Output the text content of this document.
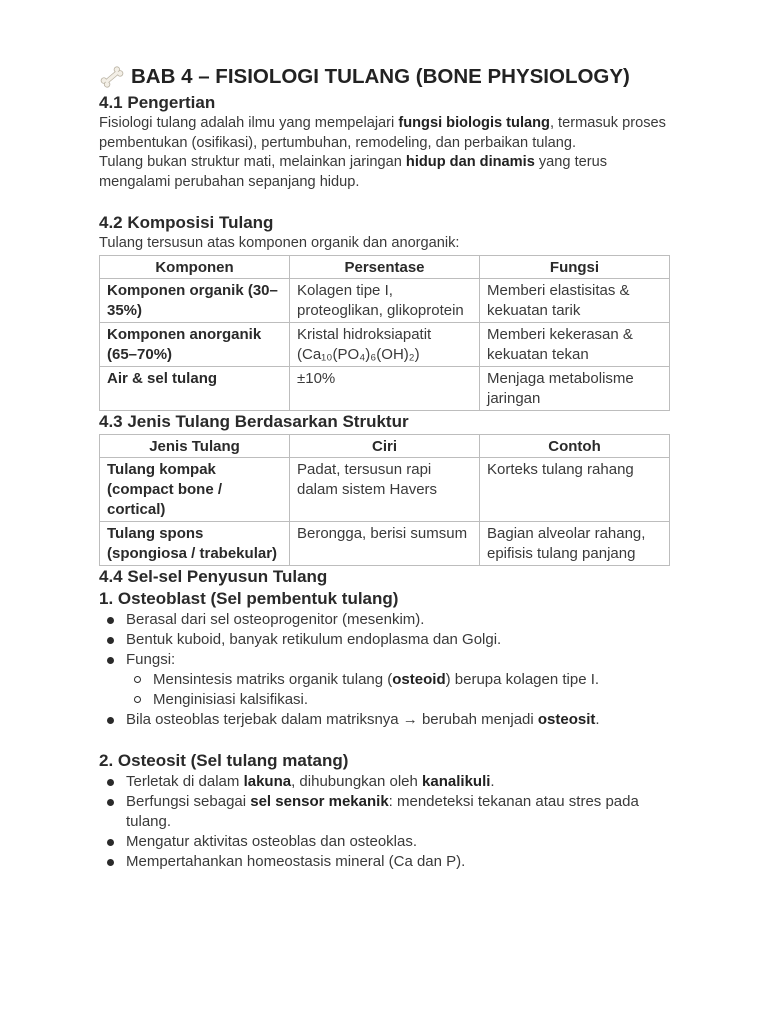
BAB 4 – FISIOLOGI TULANG (BONE PHYSIOLOGY)
4.1 Pengertian

Fisiologi tulang adalah ilmu yang mempelajari fungsi biologis tulang, termasuk proses pembentukan (osifikasi), pertumbuhan, remodeling, dan perbaikan tulang.

Tulang bukan struktur mati, melainkan jaringan hidup dan dinamis yang terus mengalami perubahan sepanjang hidup.

4.2 Komposisi Tulang

Tulang tersusun atas komponen organik dan anorganik:

Komponen	Persentase	Fungsi
Komponen organik (30–35%)	Kolagen tipe I, proteoglikan, glikoprotein	Memberi elastisitas & kekuatan tarik
Komponen anorganik (65–70%)	Kristal hidroksiapatit (Ca₁₀(PO₄)₆(OH)₂)	Memberi kekerasan & kekuatan tekan
Air & sel tulang	±10%	Menjaga metabolisme jaringan
4.3 Jenis Tulang Berdasarkan Struktur
Jenis Tulang	Ciri	Contoh
Tulang kompak (compact bone / cortical)	Padat, tersusun rapi dalam sistem Havers	Korteks tulang rahang
Tulang spons (spongiosa / trabekular)	Berongga, berisi sumsum	Bagian alveolar rahang, epifisis tulang panjang
4.4 Sel-sel Penyusun Tulang
1. Osteoblast (Sel pembentuk tulang)
Berasal dari sel osteoprogenitor (mesenkim).
Bentuk kuboid, banyak retikulum endoplasma dan Golgi.
Fungsi:
Mensintesis matriks organik tulang (osteoid) berupa kolagen tipe I.
Menginisiasi kalsifikasi.
Bila osteoblas terjebak dalam matriksnya → berubah menjadi osteosit.
2. Osteosit (Sel tulang matang)
Terletak di dalam lakuna, dihubungkan oleh kanalikuli.
Berfungsi sebagai sel sensor mekanik: mendeteksi tekanan atau stres pada tulang.
Mengatur aktivitas osteoblas dan osteoklas.
Mempertahankan homeostasis mineral (Ca dan P).
